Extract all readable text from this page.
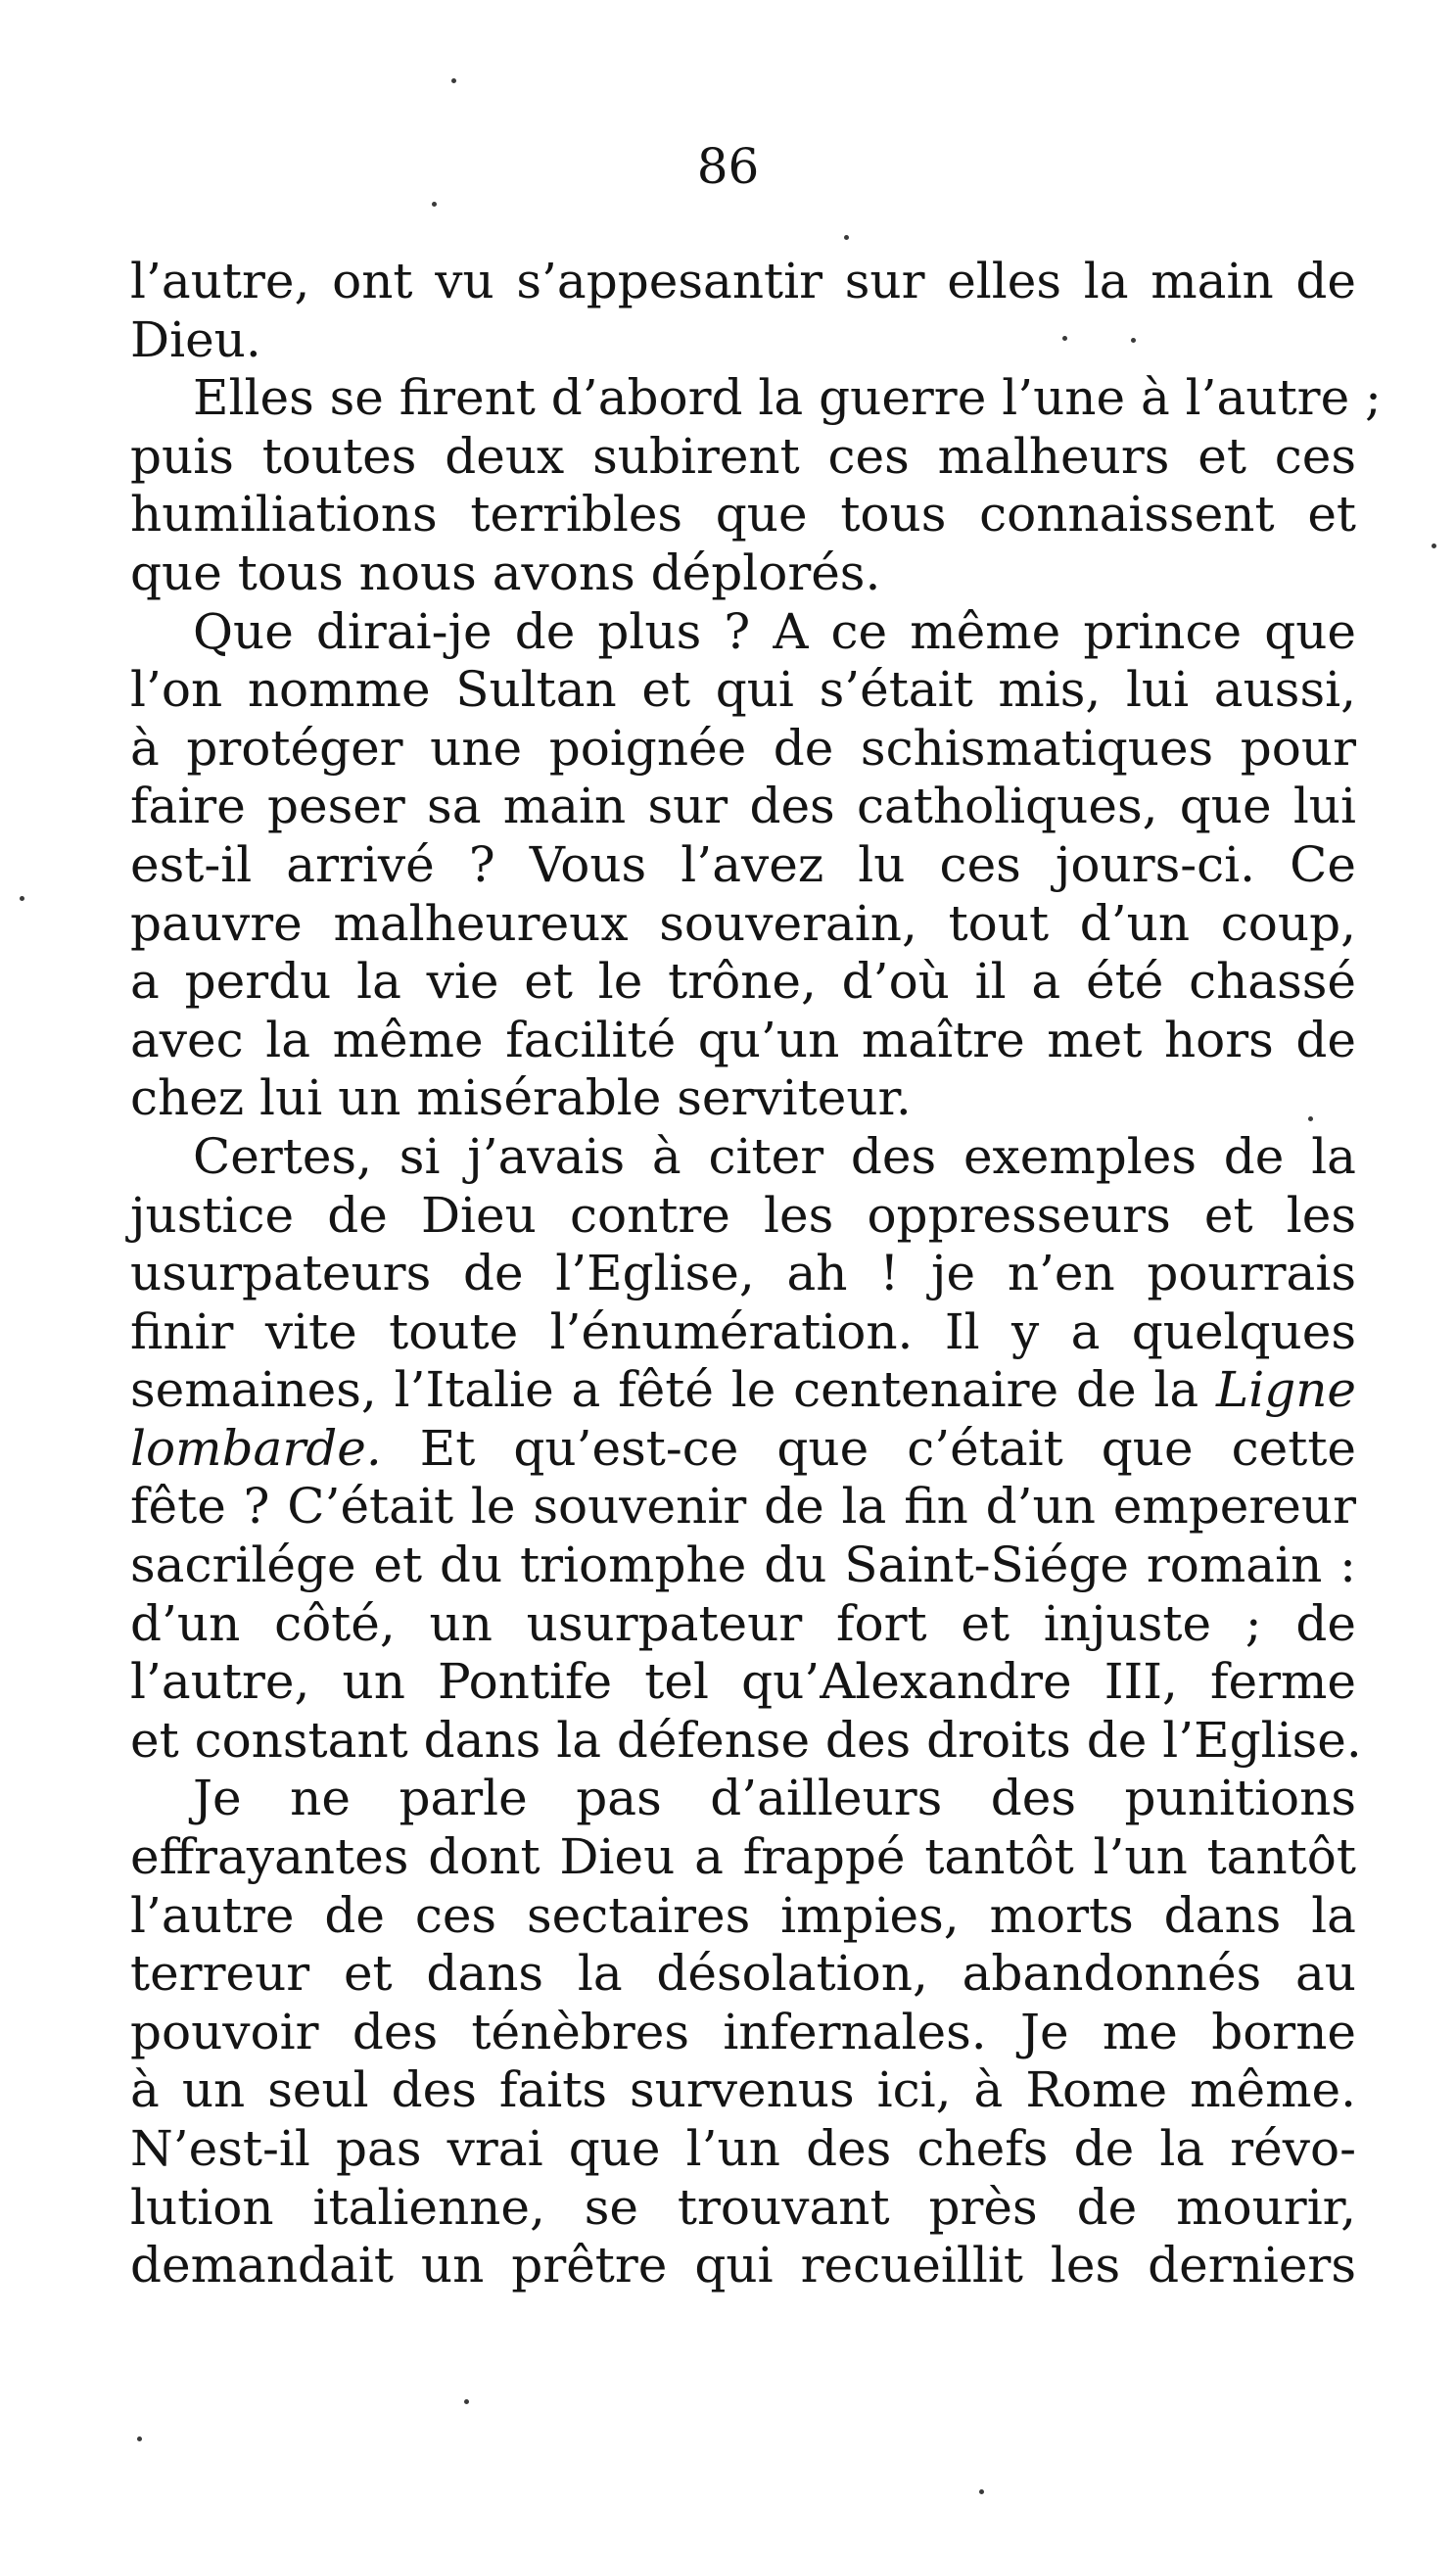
86
l’autre, ont vu s’appesantir sur elles la main de
Dieu.
Elles se firent d’abord la guerre l’une à l’autre ;
puis toutes deux subirent ces malheurs et ces
humiliations terribles que tous connaissent et
que tous nous avons déplorés.
Que dirai-je de plus ? A ce même prince que
l’on nomme Sultan et qui s’était mis, lui aussi,
à protéger une poignée de schismatiques pour
faire peser sa main sur des catholiques, que lui
est-il arrivé ? Vous l’avez lu ces jours-ci. Ce
pauvre malheureux souverain, tout d’un coup,
a perdu la vie et le trône, d’où il a été chassé
avec la même facilité qu’un maître met hors de
chez lui un misérable serviteur.
Certes, si j’avais à citer des exemples de la
justice de Dieu contre les oppresseurs et les
usurpateurs de l’Eglise, ah ! je n’en pourrais
finir vite toute l’énumération. Il y a quelques
semaines, l’Italie a fêté le centenaire de la Ligne
lombarde. Et qu’est-ce que c’était que cette
fête ? C’était le souvenir de la fin d’un empereur
sacrilége et du triomphe du Saint-Siége romain :
d’un côté, un usurpateur fort et injuste ; de
l’autre, un Pontife tel qu’Alexandre III, ferme
et constant dans la défense des droits de l’Eglise.
Je ne parle pas d’ailleurs des punitions
effrayantes dont Dieu a frappé tantôt l’un tantôt
l’autre de ces sectaires impies, morts dans la
terreur et dans la désolation, abandonnés au
pouvoir des ténèbres infernales. Je me borne
à un seul des faits survenus ici, à Rome même.
N’est-il pas vrai que l’un des chefs de la révo-
lution italienne, se trouvant près de mourir,
demandait un prêtre qui recueillit les derniers
